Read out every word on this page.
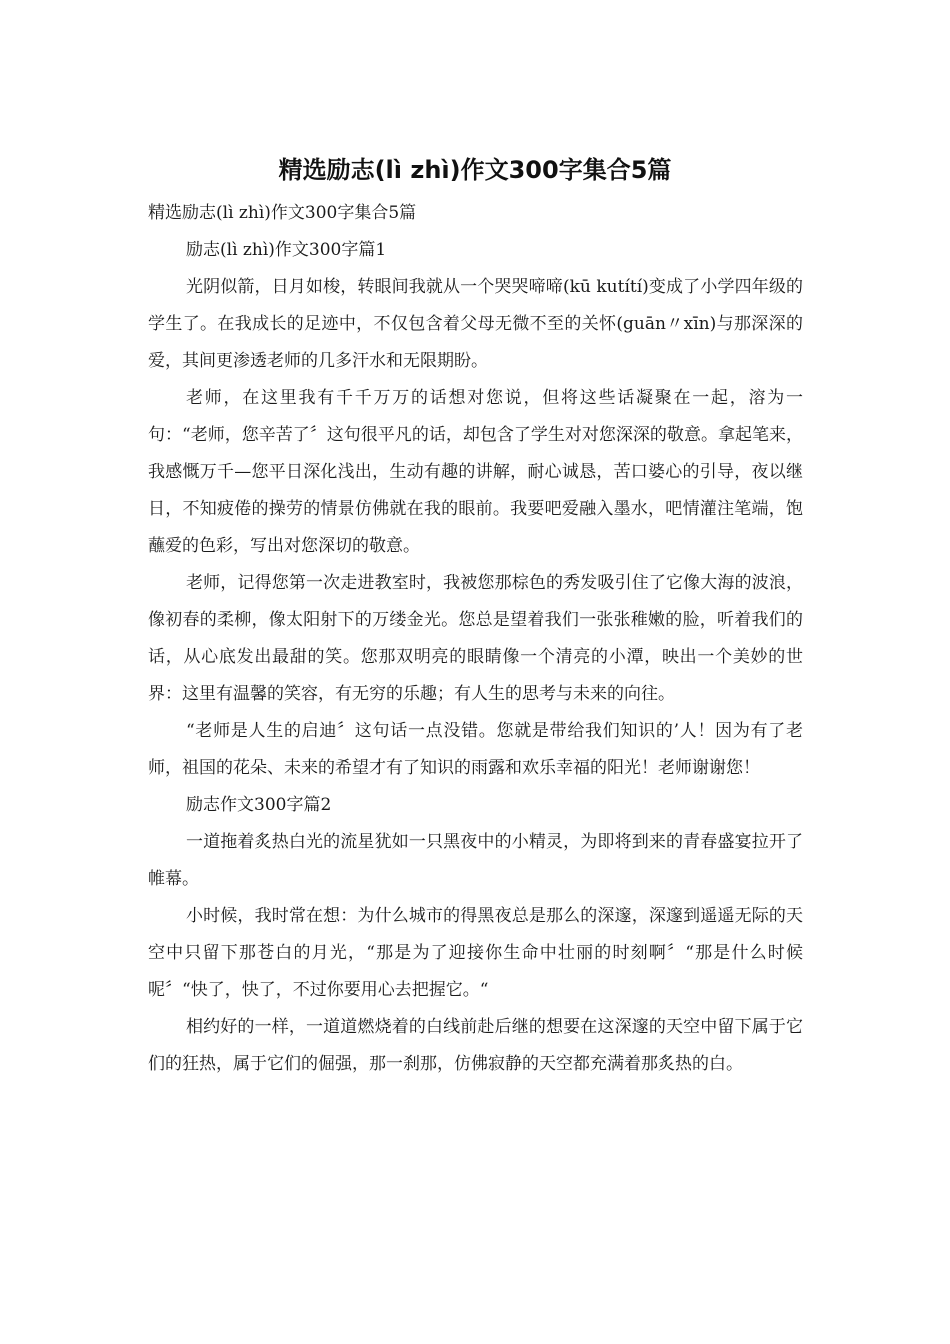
精选励志(lì zhì)作文300字集合5篇

精选励志(lì zhì)作文300字集合5篇

励志(lì zhì)作文300字篇1

光阴似箭，日月如梭，转眼间我就从一个哭哭啼啼(kū kutítí)变成了小学四年级的学生了。在我成长的足迹中，不仅包含着父母无微不至的关怀(guān〃xīn)与那深深的爱，其间更渗透老师的几多汗水和无限期盼。

老师，在这里我有千千万万的话想对您说，但将这些话凝聚在一起，溶为一句：“老师，您辛苦了〞这句很平凡的话，却包含了学生对对您深深的敬意。拿起笔来，我感慨万千—您平日深化浅出，生动有趣的讲解，耐心诚恳，苦口婆心的引导，夜以继日，不知疲倦的操劳的情景仿佛就在我的眼前。我要吧爱融入墨水，吧情灌注笔端，饱蘸爱的色彩，写出对您深切的敬意。

老师，记得您第一次走进教室时，我被您那棕色的秀发吸引住了它像大海的波浪，像初春的柔柳，像太阳射下的万缕金光。您总是望着我们一张张稚嫩的脸，听着我们的话，从心底发出最甜的笑。您那双明亮的眼睛像一个清亮的小潭，映出一个美妙的世界：这里有温馨的笑容，有无穷的乐趣；有人生的思考与未来的向往。

“老师是人生的启迪〞这句话一点没错。您就是带给我们知识的’人！因为有了老师，祖国的花朵、未来的希望才有了知识的雨露和欢乐幸福的阳光！老师谢谢您！

励志作文300字篇2

一道拖着炙热白光的流星犹如一只黑夜中的小精灵，为即将到来的青春盛宴拉开了帷幕。

小时候，我时常在想：为什么城市的得黑夜总是那么的深邃，深邃到遥遥无际的天空中只留下那苍白的月光，“那是为了迎接你生命中壮丽的时刻啊〞“那是什么时候呢〞“快了，快了，不过你要用心去把握它。“

相约好的一样，一道道燃烧着的白线前赴后继的想要在这深邃的天空中留下属于它们的狂热，属于它们的倔强，那一刹那，仿佛寂静的天空都充满着那炙热的白。
